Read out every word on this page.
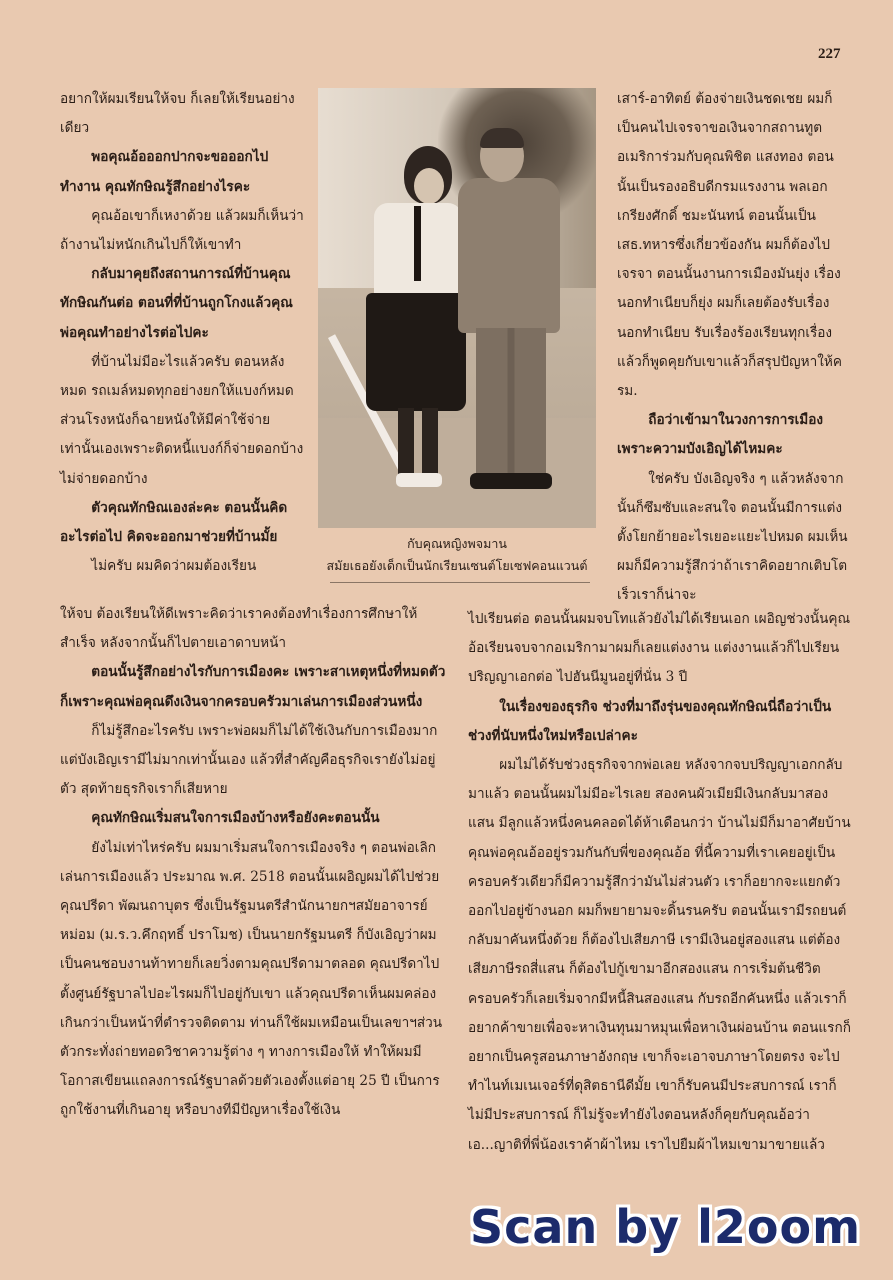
227

อยากให้ผมเรียนให้จบ ก็เลยให้เรียนอย่างเดียว

พอคุณอ้อออกปากจะขอออกไปทำงาน คุณทักษิณรู้สึกอย่างไรคะ

คุณอ้อเขาก็เหงาด้วย แล้วผมก็เห็นว่าถ้างานไม่หนักเกินไปก็ให้เขาทำ

กลับมาคุยถึงสถานการณ์ที่บ้านคุณทักษิณกันต่อ ตอนที่ที่บ้านถูกโกงแล้วคุณพ่อคุณทำอย่างไรต่อไปคะ

ที่บ้านไม่มีอะไรแล้วครับ ตอนหลังหมด รถเมล์หมดทุกอย่างยกให้แบงก์หมด ส่วนโรงหนังก็ฉายหนังให้มีค่าใช้จ่ายเท่านั้นเองเพราะติดหนี้แบงก์ก็จ่ายดอกบ้างไม่จ่ายดอกบ้าง

ตัวคุณทักษิณเองล่ะคะ ตอนนั้นคิดอะไรต่อไป คิดจะออกมาช่วยที่บ้านมั้ย

ไม่ครับ ผมคิดว่าผมต้องเรียน

กับคุณหญิงพจมาน

สมัยเธอยังเด็กเป็นนักเรียนเซนต์โยเซฟคอนแวนต์

เสาร์-อาทิตย์ ต้องจ่ายเงินชดเชย ผมก็เป็นคนไปเจรจาขอเงินจากสถานทูตอเมริการ่วมกับคุณพิชิต แสงทอง ตอนนั้นเป็นรองอธิบดีกรมแรงงาน พลเอกเกรียงศักดิ์ ชมะนันทน์ ตอนนั้นเป็นเสธ.ทหารซึ่งเกี่ยวข้องกัน ผมก็ต้องไปเจรจา ตอนนั้นงานการเมืองมันยุ่ง เรื่องนอกทำเนียบก็ยุ่ง ผมก็เลยต้องรับเรื่องนอกทำเนียบ รับเรื่องร้องเรียนทุกเรื่อง แล้วก็พูดคุยกับเขาแล้วก็สรุปปัญหาให้ครม.

ถือว่าเข้ามาในวงการการเมืองเพราะความบังเอิญได้ไหมคะ

ใช่ครับ บังเอิญจริง ๆ แล้วหลังจากนั้นก็ซึมซับและสนใจ ตอนนั้นมีการแต่งตั้งโยกย้ายอะไรเยอะแยะไปหมด ผมเห็นผมก็มีความรู้สึกว่าถ้าเราคิดอยากเติบโตเร็วเราก็น่าจะ

ให้จบ ต้องเรียนให้ดีเพราะคิดว่าเราคงต้องทำเรื่องการศึกษาให้สำเร็จ หลังจากนั้นก็ไปตายเอาดาบหน้า

ตอนนั้นรู้สึกอย่างไรกับการเมืองคะ เพราะสาเหตุหนึ่งที่หมดตัวก็เพราะคุณพ่อคุณดึงเงินจากครอบครัวมาเล่นการเมืองส่วนหนึ่ง

ก็ไม่รู้สึกอะไรครับ เพราะพ่อผมก็ไม่ได้ใช้เงินกับการเมืองมาก แต่บังเอิญเรามีไม่มากเท่านั้นเอง แล้วที่สำคัญคือธุรกิจเรายังไม่อยู่ตัว สุดท้ายธุรกิจเราก็เสียหาย

คุณทักษิณเริ่มสนใจการเมืองบ้างหรือยังคะตอนนั้น

ยังไม่เท่าไหร่ครับ ผมมาเริ่มสนใจการเมืองจริง ๆ ตอนพ่อเลิกเล่นการเมืองแล้ว ประมาณ พ.ศ. 2518 ตอนนั้นเผอิญผมได้ไปช่วยคุณปรีดา พัฒนถาบุตร ซึ่งเป็นรัฐมนตรีสำนักนายกฯสมัยอาจารย์หม่อม (ม.ร.ว.คึกฤทธิ์ ปราโมช) เป็นนายกรัฐมนตรี ก็บังเอิญว่าผมเป็นคนชอบงานท้าทายก็เลยวิ่งตามคุณปรีดามาตลอด คุณปรีดาไปตั้งศูนย์รัฐบาลไปอะไรผมก็ไปอยู่กับเขา แล้วคุณปรีดาเห็นผมคล่องเกินกว่าเป็นหน้าที่ตำรวจติดตาม ท่านก็ใช้ผมเหมือนเป็นเลขาฯส่วนตัวกระทั่งถ่ายทอดวิชาความรู้ต่าง ๆ ทางการเมืองให้ ทำให้ผมมีโอกาสเขียนแถลงการณ์รัฐบาลด้วยตัวเองตั้งแต่อายุ 25 ปี เป็นการถูกใช้งานที่เกินอายุ หรือบางทีมีปัญหาเรื่องใช้เงิน

ไปเรียนต่อ ตอนนั้นผมจบโทแล้วยังไม่ได้เรียนเอก เผอิญช่วงนั้นคุณอ้อเรียนจบจากอเมริกามาผมก็เลยแต่งงาน แต่งงานแล้วก็ไปเรียนปริญญาเอกต่อ ไปฮันนีมูนอยู่ที่นั่น 3 ปี

ในเรื่องของธุรกิจ ช่วงที่มาถึงรุ่นของคุณทักษิณนี่ถือว่าเป็นช่วงที่นับหนึ่งใหม่หรือเปล่าคะ

ผมไม่ได้รับช่วงธุรกิจจากพ่อเลย หลังจากจบปริญญาเอกกลับมาแล้ว ตอนนั้นผมไม่มีอะไรเลย สองคนผัวเมียมีเงินกลับมาสองแสน มีลูกแล้วหนึ่งคนคลอดได้ห้าเดือนกว่า บ้านไม่มีก็มาอาศัยบ้านคุณพ่อคุณอ้ออยู่รวมกันกับพี่ของคุณอ้อ ที่นี้ความที่เราเคยอยู่เป็นครอบครัวเดียวก็มีความรู้สึกว่ามันไม่ส่วนตัว เราก็อยากจะแยกตัวออกไปอยู่ข้างนอก ผมก็พยายามจะดิ้นรนครับ ตอนนั้นเรามีรถยนต์กลับมาคันหนึ่งด้วย ก็ต้องไปเสียภาษี เรามีเงินอยู่สองแสน แต่ต้องเสียภาษีรถสี่แสน ก็ต้องไปกู้เขามาอีกสองแสน การเริ่มต้นชีวิตครอบครัวก็เลยเริ่มจากมีหนี้สินสองแสน กับรถอีกคันหนึ่ง แล้วเราก็อยากค้าขายเพื่อจะหาเงินทุนมาหมุนเพื่อหาเงินผ่อนบ้าน ตอนแรกก็อยากเป็นครูสอนภาษาอังกฤษ เขาก็จะเอาจบภาษาโดยตรง จะไปทำไนท์เมเนเจอร์ที่ดุสิตธานีดีมั้ย เขาก็รับคนมีประสบการณ์ เราก็ไม่มีประสบการณ์ ก็ไม่รู้จะทำยังไงตอนหลังก็คุยกับคุณอ้อว่า เอ...ญาติที่พี่น้องเราค้าผ้าไหม เราไปยืมผ้าไหมเขามาขายแล้ว

Scan by l2oom
